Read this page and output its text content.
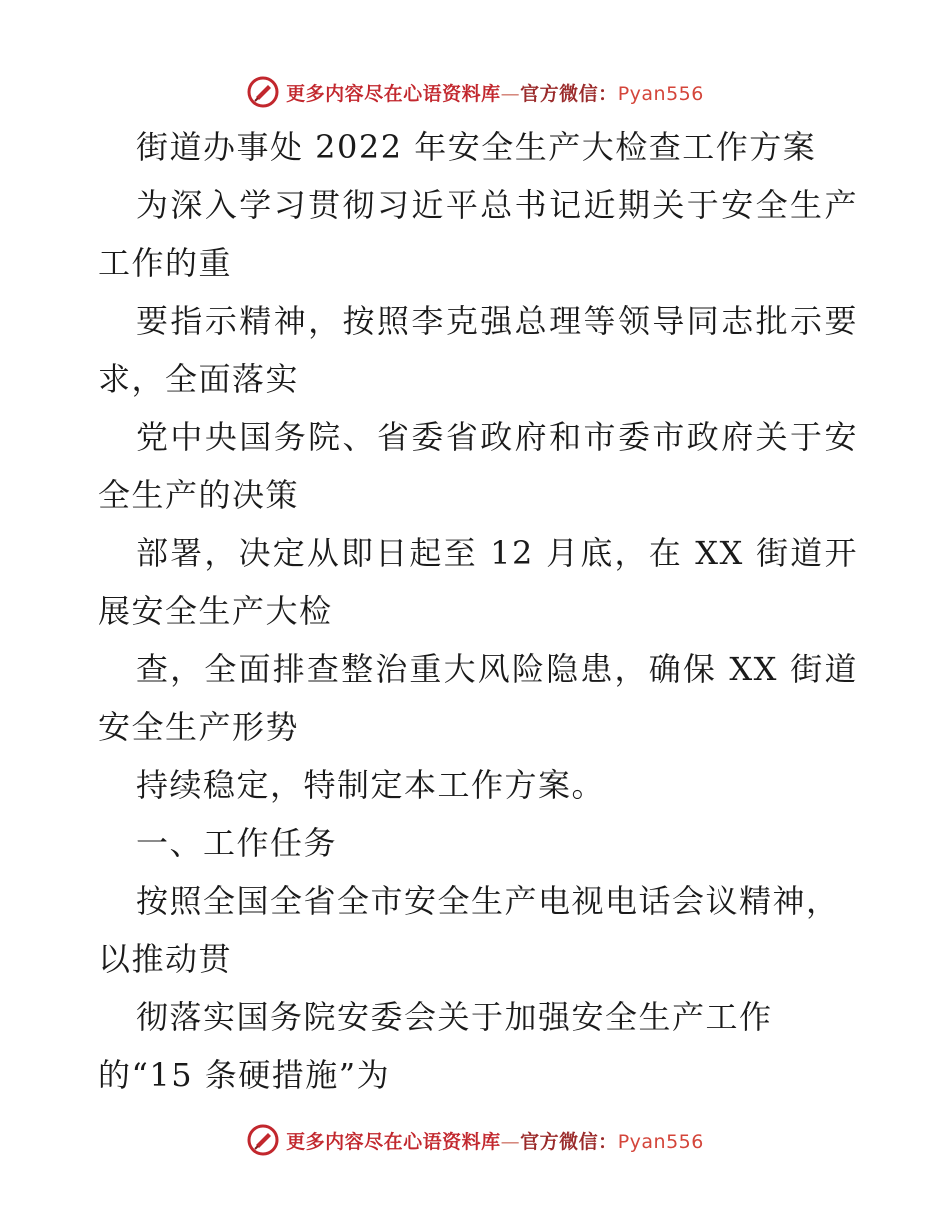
更多内容尽在心语资料库—官方微信：Pyan556
街道办事处 2022 年安全生产大检查工作方案
为深入学习贯彻习近平总书记近期关于安全生产
工作的重
要指示精神，按照李克强总理等领导同志批示要
求，全面落实
党中央国务院、省委省政府和市委市政府关于安
全生产的决策
部署，决定从即日起至 12 月底，在 XX 街道开
展安全生产大检
查，全面排查整治重大风险隐患，确保 XX 街道
安全生产形势
持续稳定，特制定本工作方案。
一、工作任务
按照全国全省全市安全生产电视电话会议精神，
以推动贯
彻落实国务院安委会关于加强安全生产工作
的“15 条硬措施”为
更多内容尽在心语资料库—官方微信：Pyan556
